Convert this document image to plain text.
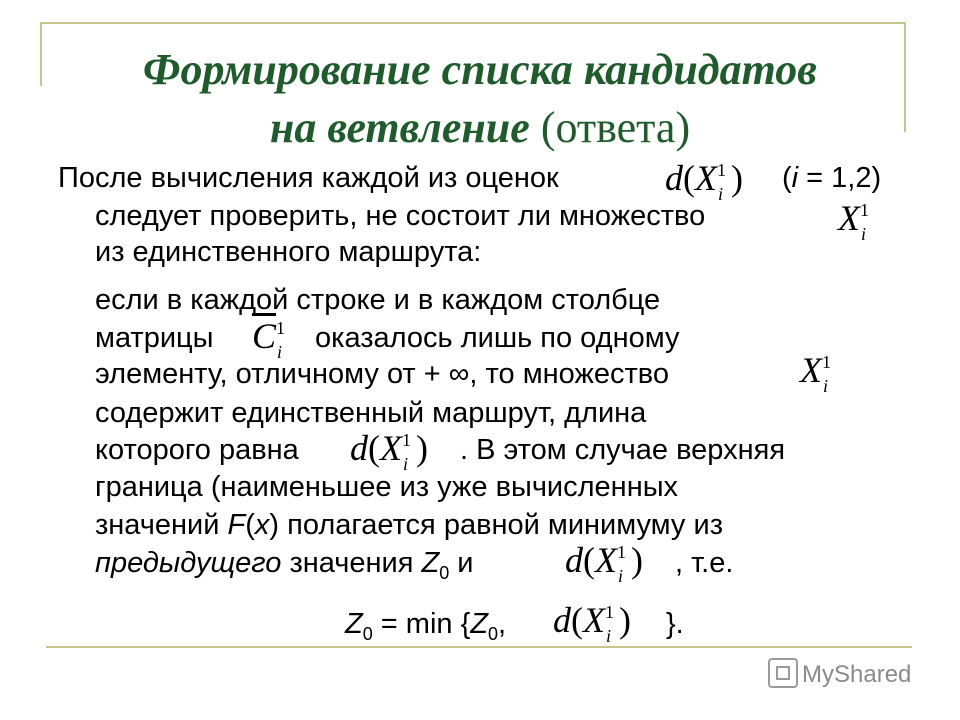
Формирование списка кандидатов
на ветвление (ответа)
После вычисления каждой из оценок	$d(X^1_i$ ) (i = 1,2)
следует проверить, не состоит ли множество	$X^1_i$
из единственного маршрута:
если в каждой строке и в каждом столбце
матрицы $\overline{C}^1_i$ оказалось лишь по одному
элементу, отличному от + ∞, то множество	$X^1_i$
содержит единственный маршрут, длина
которого равна $d(X^1_i$ ) . В этом случае верхняя
граница (наименьшее из уже вычисленных
значений F(x) полагается равной минимуму из
предыдущего значения $Z_0$ и	$d(X^1_i$ ) , т.е.
$Z_0 = \min \{Z_0$, $d(X^1_i$ ) }.
MyShared
